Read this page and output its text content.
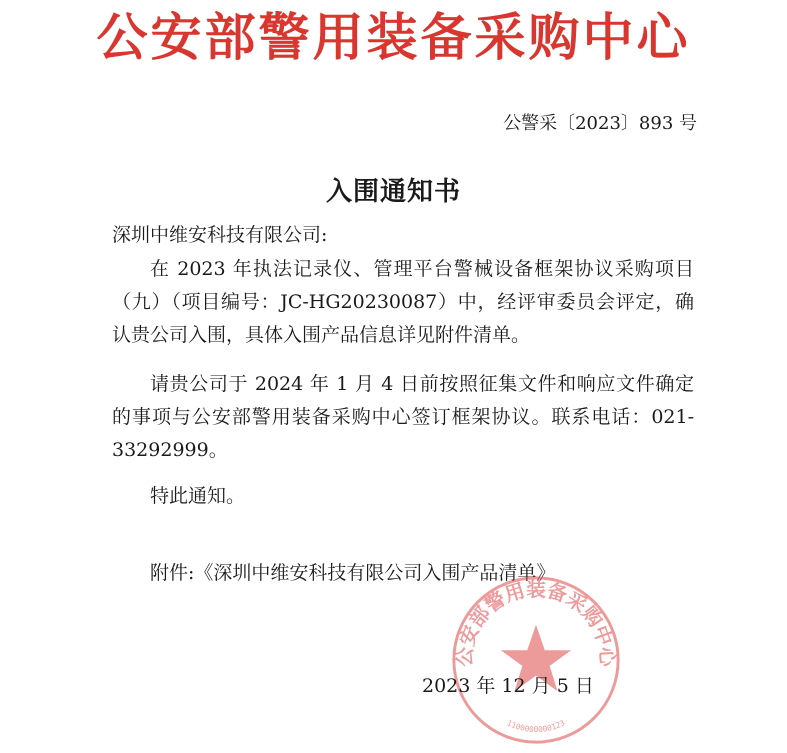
公安部警用装备采购中心
公警采〔2023〕893 号
入围通知书
深圳中维安科技有限公司:
在 2023 年执法记录仪、管理平台警械设备框架协议采购项目（九）（项目编号：JC-HG20230087）中，经评审委员会评定，确认贵公司入围，具体入围产品信息详见附件清单。
请贵公司于 2024 年 1 月 4 日前按照征集文件和响应文件确定的事项与公安部警用装备采购中心签订框架协议。联系电话：021-33292999。
特此通知。
附件:《深圳中维安科技有限公司入围产品清单》
公安部警用装备采购中心
1100000000123
2023 年 12 月 5 日
